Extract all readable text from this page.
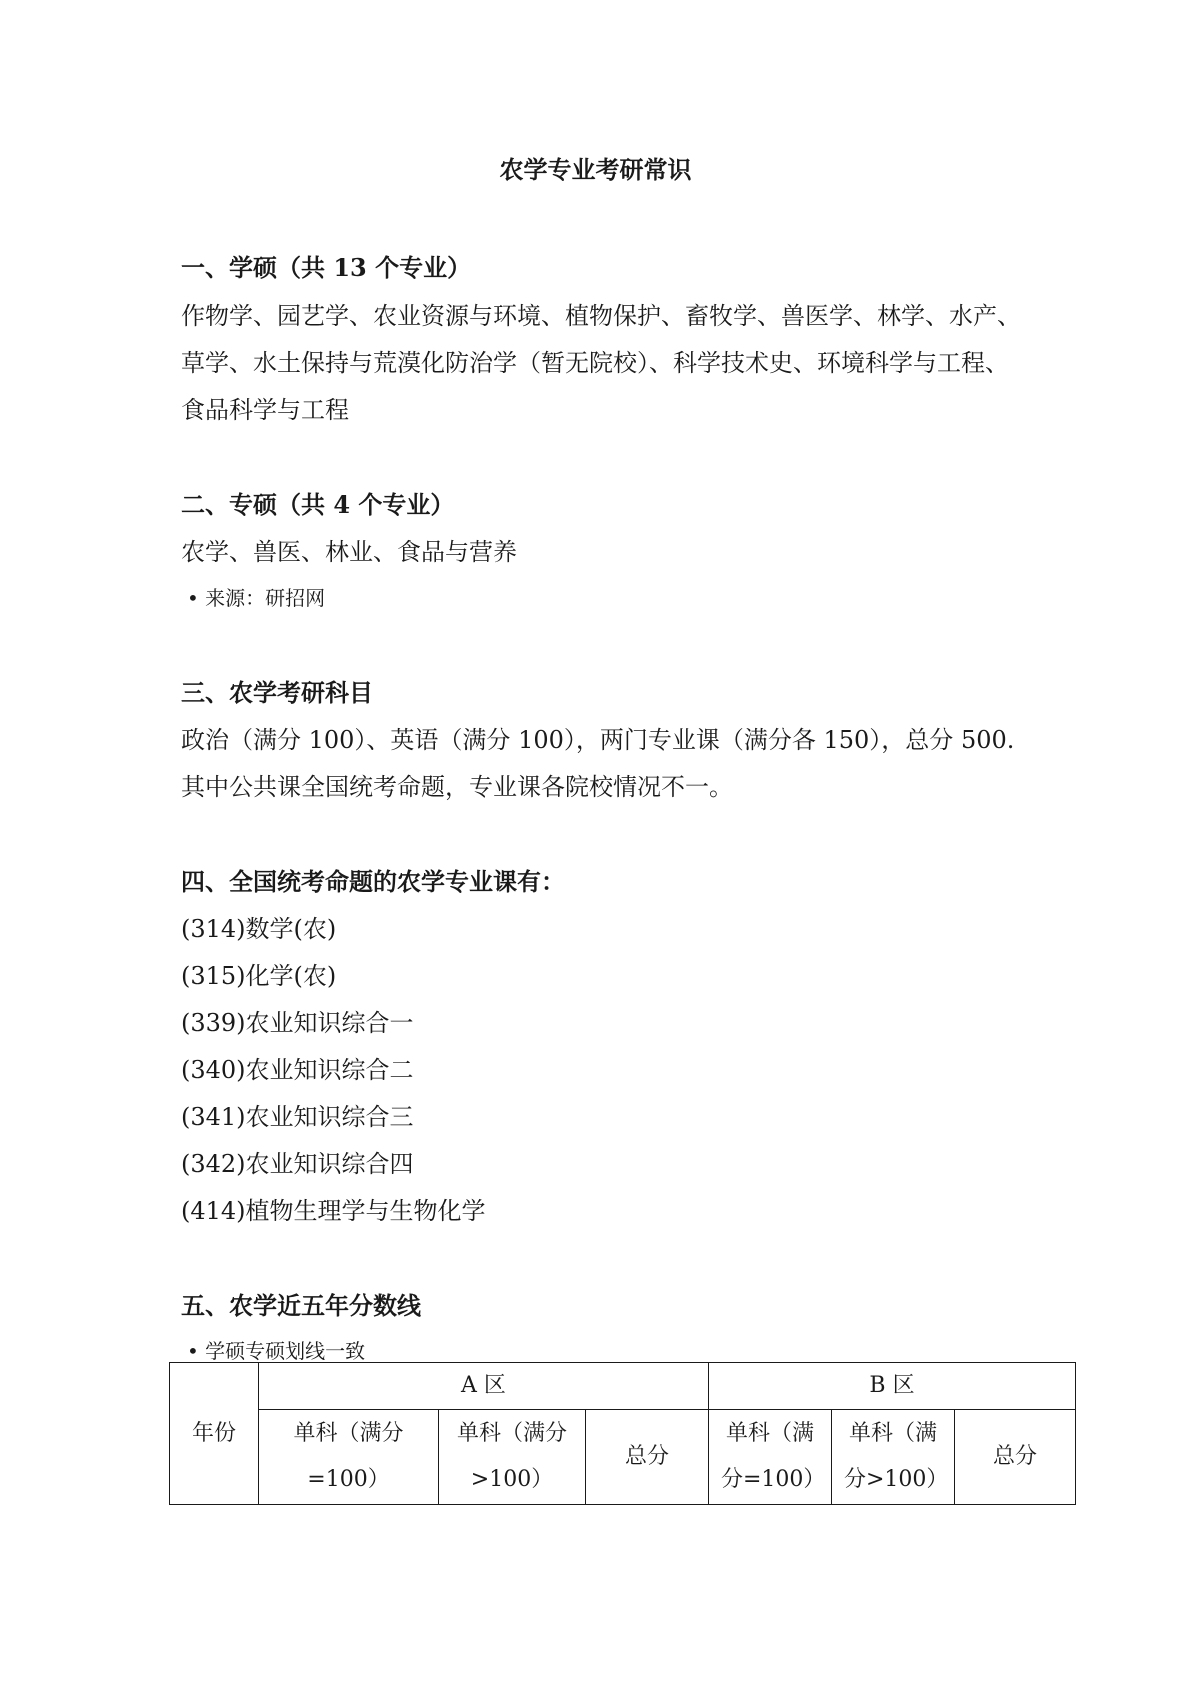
农学专业考研常识
一、学硕（共 13 个专业）
作物学、园艺学、农业资源与环境、植物保护、畜牧学、兽医学、林学、水产、
草学、水土保持与荒漠化防治学（暂无院校）、科学技术史、环境科学与工程、
食品科学与工程
二、专硕（共 4 个专业）
农学、兽医、林业、食品与营养
• 来源：研招网
三、农学考研科目
政治（满分 100）、英语（满分 100），两门专业课（满分各 150），总分 500.
其中公共课全国统考命题，专业课各院校情况不一。
四、全国统考命题的农学专业课有：
(314)数学(农)
(315)化学(农)
(339)农业知识综合一
(340)农业知识综合二
(341)农业知识综合三
(342)农业知识综合四
(414)植物生理学与生物化学
五、农学近五年分数线
• 学硕专硕划线一致
年份	A 区			B 区		
	单科（满分=100）	单科（满分>100）	总分	单科（满分=100）	单科（满分>100）	总分
